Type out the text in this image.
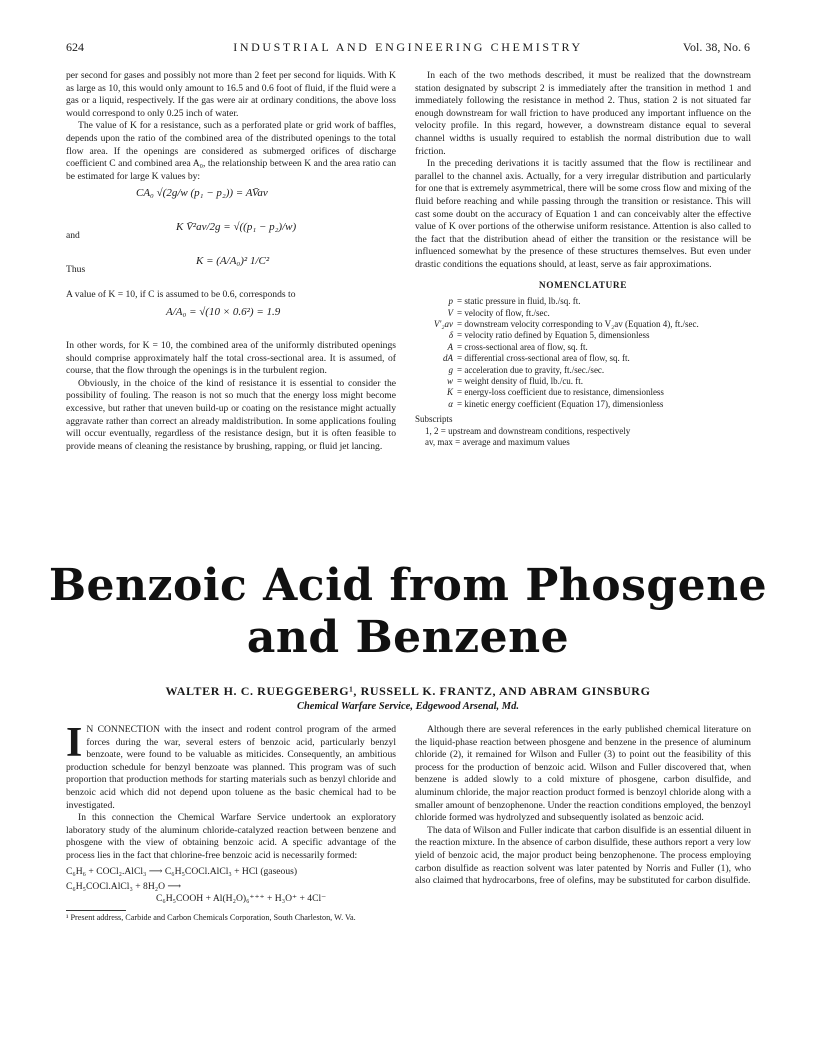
624	INDUSTRIAL AND ENGINEERING CHEMISTRY	Vol. 38, No. 6

per second for gases and possibly not more than 2 feet per second for liquids. With K as large as 10, this would only amount to 16.5 and 0.6 foot of fluid, if the fluid were a gas or a liquid, respectively. If the gas were air at ordinary conditions, the above loss would correspond to only 0.25 inch of water.

The value of K for a resistance, such as a perforated plate or grid work of baffles, depends upon the ratio of the combined area of the distributed openings to the total flow area. If the openings are considered as submerged orifices of discharge coefficient C and combined area A₀, the relationship between K and the area ratio can be estimated for large K values by:

CA₀ √(2g/w (p₁ − p₂)) = AV̄av
and
K V̄²av/2g = √((p₁ − p₂)/w)
Thus
K = (A/A₀)² 1/C²

A value of K = 10, if C is assumed to be 0.6, corresponds to

A/A₀ = √(10 × 0.6²) = 1.9

In other words, for K = 10, the combined area of the uniformly distributed openings should comprise approximately half the total cross-sectional area. It is assumed, of course, that the flow through the openings is in the turbulent region.

Obviously, in the choice of the kind of resistance it is essential to consider the possibility of fouling. The reason is not so much that the energy loss might become excessive, but rather that uneven build-up or coating on the resistance might actually aggravate rather than correct an already maldistribution. In some applications fouling will occur eventually, regardless of the resistance design, but it is often feasible to provide means of cleaning the resistance by brushing, rapping, or fluid jet lancing.

In each of the two methods described, it must be realized that the downstream station designated by subscript 2 is immediately after the transition in method 1 and immediately following the resistance in method 2. Thus, station 2 is not situated far enough downstream for wall friction to have produced any important influence on the velocity profile. In this regard, however, a downstream distance equal to several channel widths is usually required to establish the normal distribution due to wall friction.

In the preceding derivations it is tacitly assumed that the flow is rectilinear and parallel to the channel axis. Actually, for a very irregular distribution and particularly for one that is extremely asymmetrical, there will be some cross flow and mixing of the fluid before reaching and while passing through the transition or resistance. This will cast some doubt on the accuracy of Equation 1 and can conceivably alter the effective value of K over portions of the otherwise uniform resistance. Attention is also called to the fact that the distribution ahead of either the transition or the resistance will be influenced somewhat by the presence of these structures themselves. But even under drastic conditions the equations should, at least, serve as fair approximations.

NOMENCLATURE
p = static pressure in fluid, lb./sq. ft.
V = velocity of flow, ft./sec.
V′₂av = downstream velocity corresponding to V₂av (Equation 4), ft./sec.
δ = velocity ratio defined by Equation 5, dimensionless
A = cross-sectional area of flow, sq. ft.
dA = differential cross-sectional area of flow, sq. ft.
g = acceleration due to gravity, ft./sec./sec.
w = weight density of fluid, lb./cu. ft.
K = energy-loss coefficient due to resistance, dimensionless
α = kinetic energy coefficient (Equation 17), dimensionless
Subscripts
1, 2 = upstream and downstream conditions, respectively
av, max = average and maximum values
Benzoic Acid from Phosgene
and Benzene
WALTER H. C. RUEGGEBERG¹, RUSSELL K. FRANTZ, AND ABRAM GINSBURG
Chemical Warfare Service, Edgewood Arsenal, Md.

I N CONNECTION with the insect and rodent control program of the armed forces during the war, several esters of benzoic acid, particularly benzyl benzoate, were found to be valuable as miticides. Consequently, an ambitious production schedule for benzyl benzoate was planned. This program was of such proportion that production methods for starting materials such as benzyl chloride and benzoic acid which did not depend upon toluene as the basic chemical had to be investigated.

In this connection the Chemical Warfare Service undertook an exploratory laboratory study of the aluminum chloride-catalyzed reaction between benzene and phosgene with the view of obtaining benzoic acid. A specific advantage of the process lies in the fact that chlorine-free benzoic acid is necessarily formed:

C₆H₆ + COCl₂.AlCl₃ ⟶ C₆H₅COCl.AlCl₃ + HCl (gaseous)
C₆H₅COCl.AlCl₃ + 8H₂O ⟶
C₆H₅COOH + Al(H₂O)₆⁺⁺⁺ + H₃O⁺ + 4Cl⁻
¹ Present address, Carbide and Carbon Chemicals Corporation, South Charleston, W. Va.

Although there are several references in the early published chemical literature on the liquid-phase reaction between phosgene and benzene in the presence of aluminum chloride (2), it remained for Wilson and Fuller (3) to point out the feasibility of this process for the production of benzoic acid. Wilson and Fuller discovered that, when benzene is added slowly to a cold mixture of phosgene, carbon disulfide, and aluminum chloride, the major reaction product formed is benzoyl chloride along with a smaller amount of benzophenone. Under the reaction conditions employed, the benzoyl chloride formed was hydrolyzed and subsequently isolated as benzoic acid.

The data of Wilson and Fuller indicate that carbon disulfide is an essential diluent in the reaction mixture. In the absence of carbon disulfide, these authors report a very low yield of benzoic acid, the major product being benzophenone. The process employing carbon disulfide as reaction solvent was later patented by Norris and Fuller (1), who also claimed that hydrocarbons, free of olefins, may be substituted for carbon disulfide.
